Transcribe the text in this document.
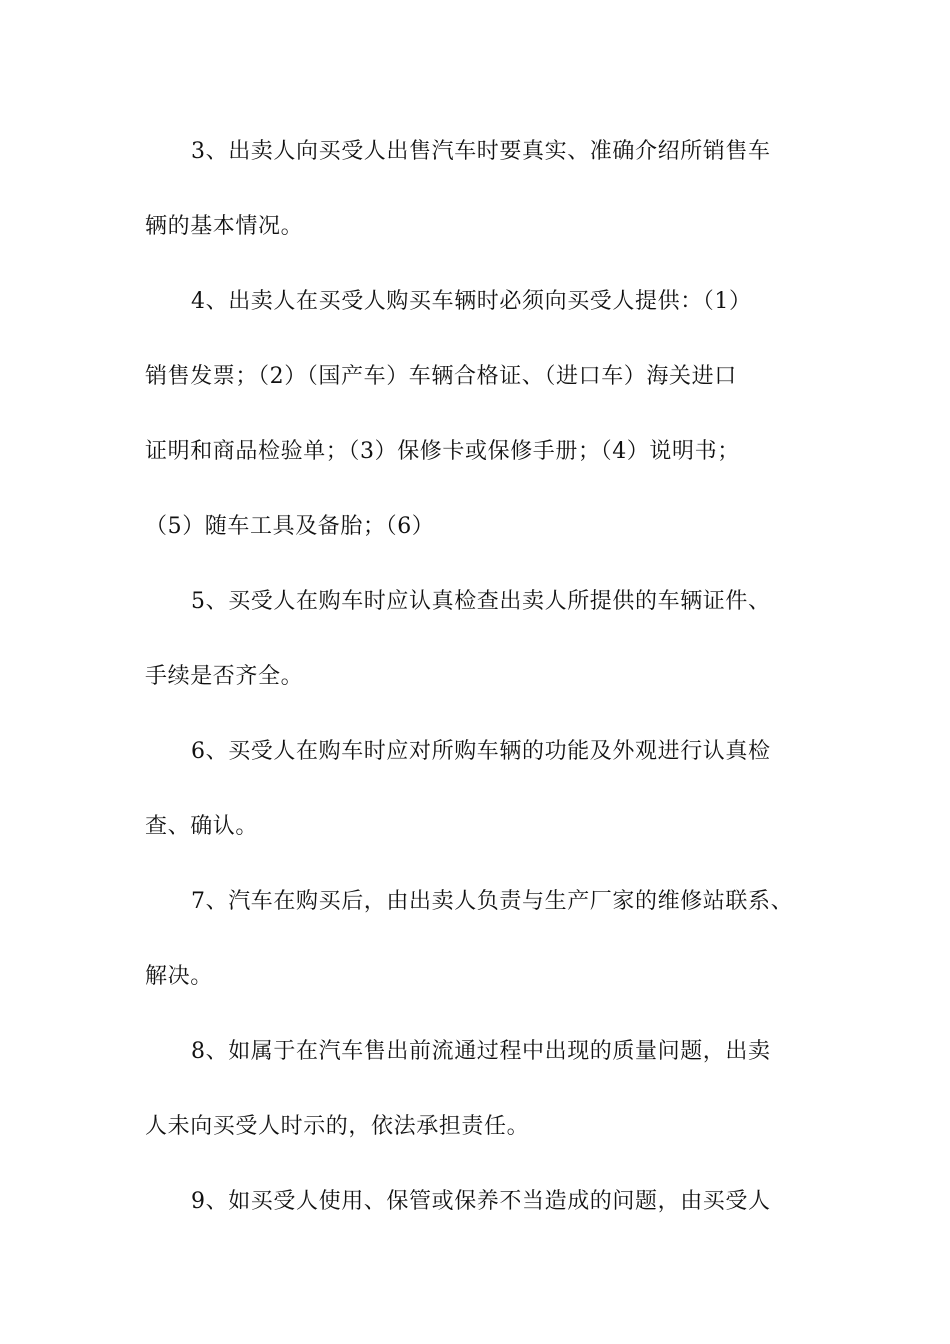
3、出卖人向买受人出售汽车时要真实、准确介绍所销售车
辆的基本情况。
4、出卖人在买受人购买车辆时必须向买受人提供：（1）
销售发票；（2）（国产车）车辆合格证、（进口车）海关进口
证明和商品检验单；（3）保修卡或保修手册；（4）说明书；
（5）随车工具及备胎；（6）
5、买受人在购车时应认真检查出卖人所提供的车辆证件、
手续是否齐全。
6、买受人在购车时应对所购车辆的功能及外观进行认真检
查、确认。
7、汽车在购买后，由出卖人负责与生产厂家的维修站联系、
解决。
8、如属于在汽车售出前流通过程中出现的质量问题，出卖
人未向买受人时示的，依法承担责任。
9、如买受人使用、保管或保养不当造成的问题，由买受人
